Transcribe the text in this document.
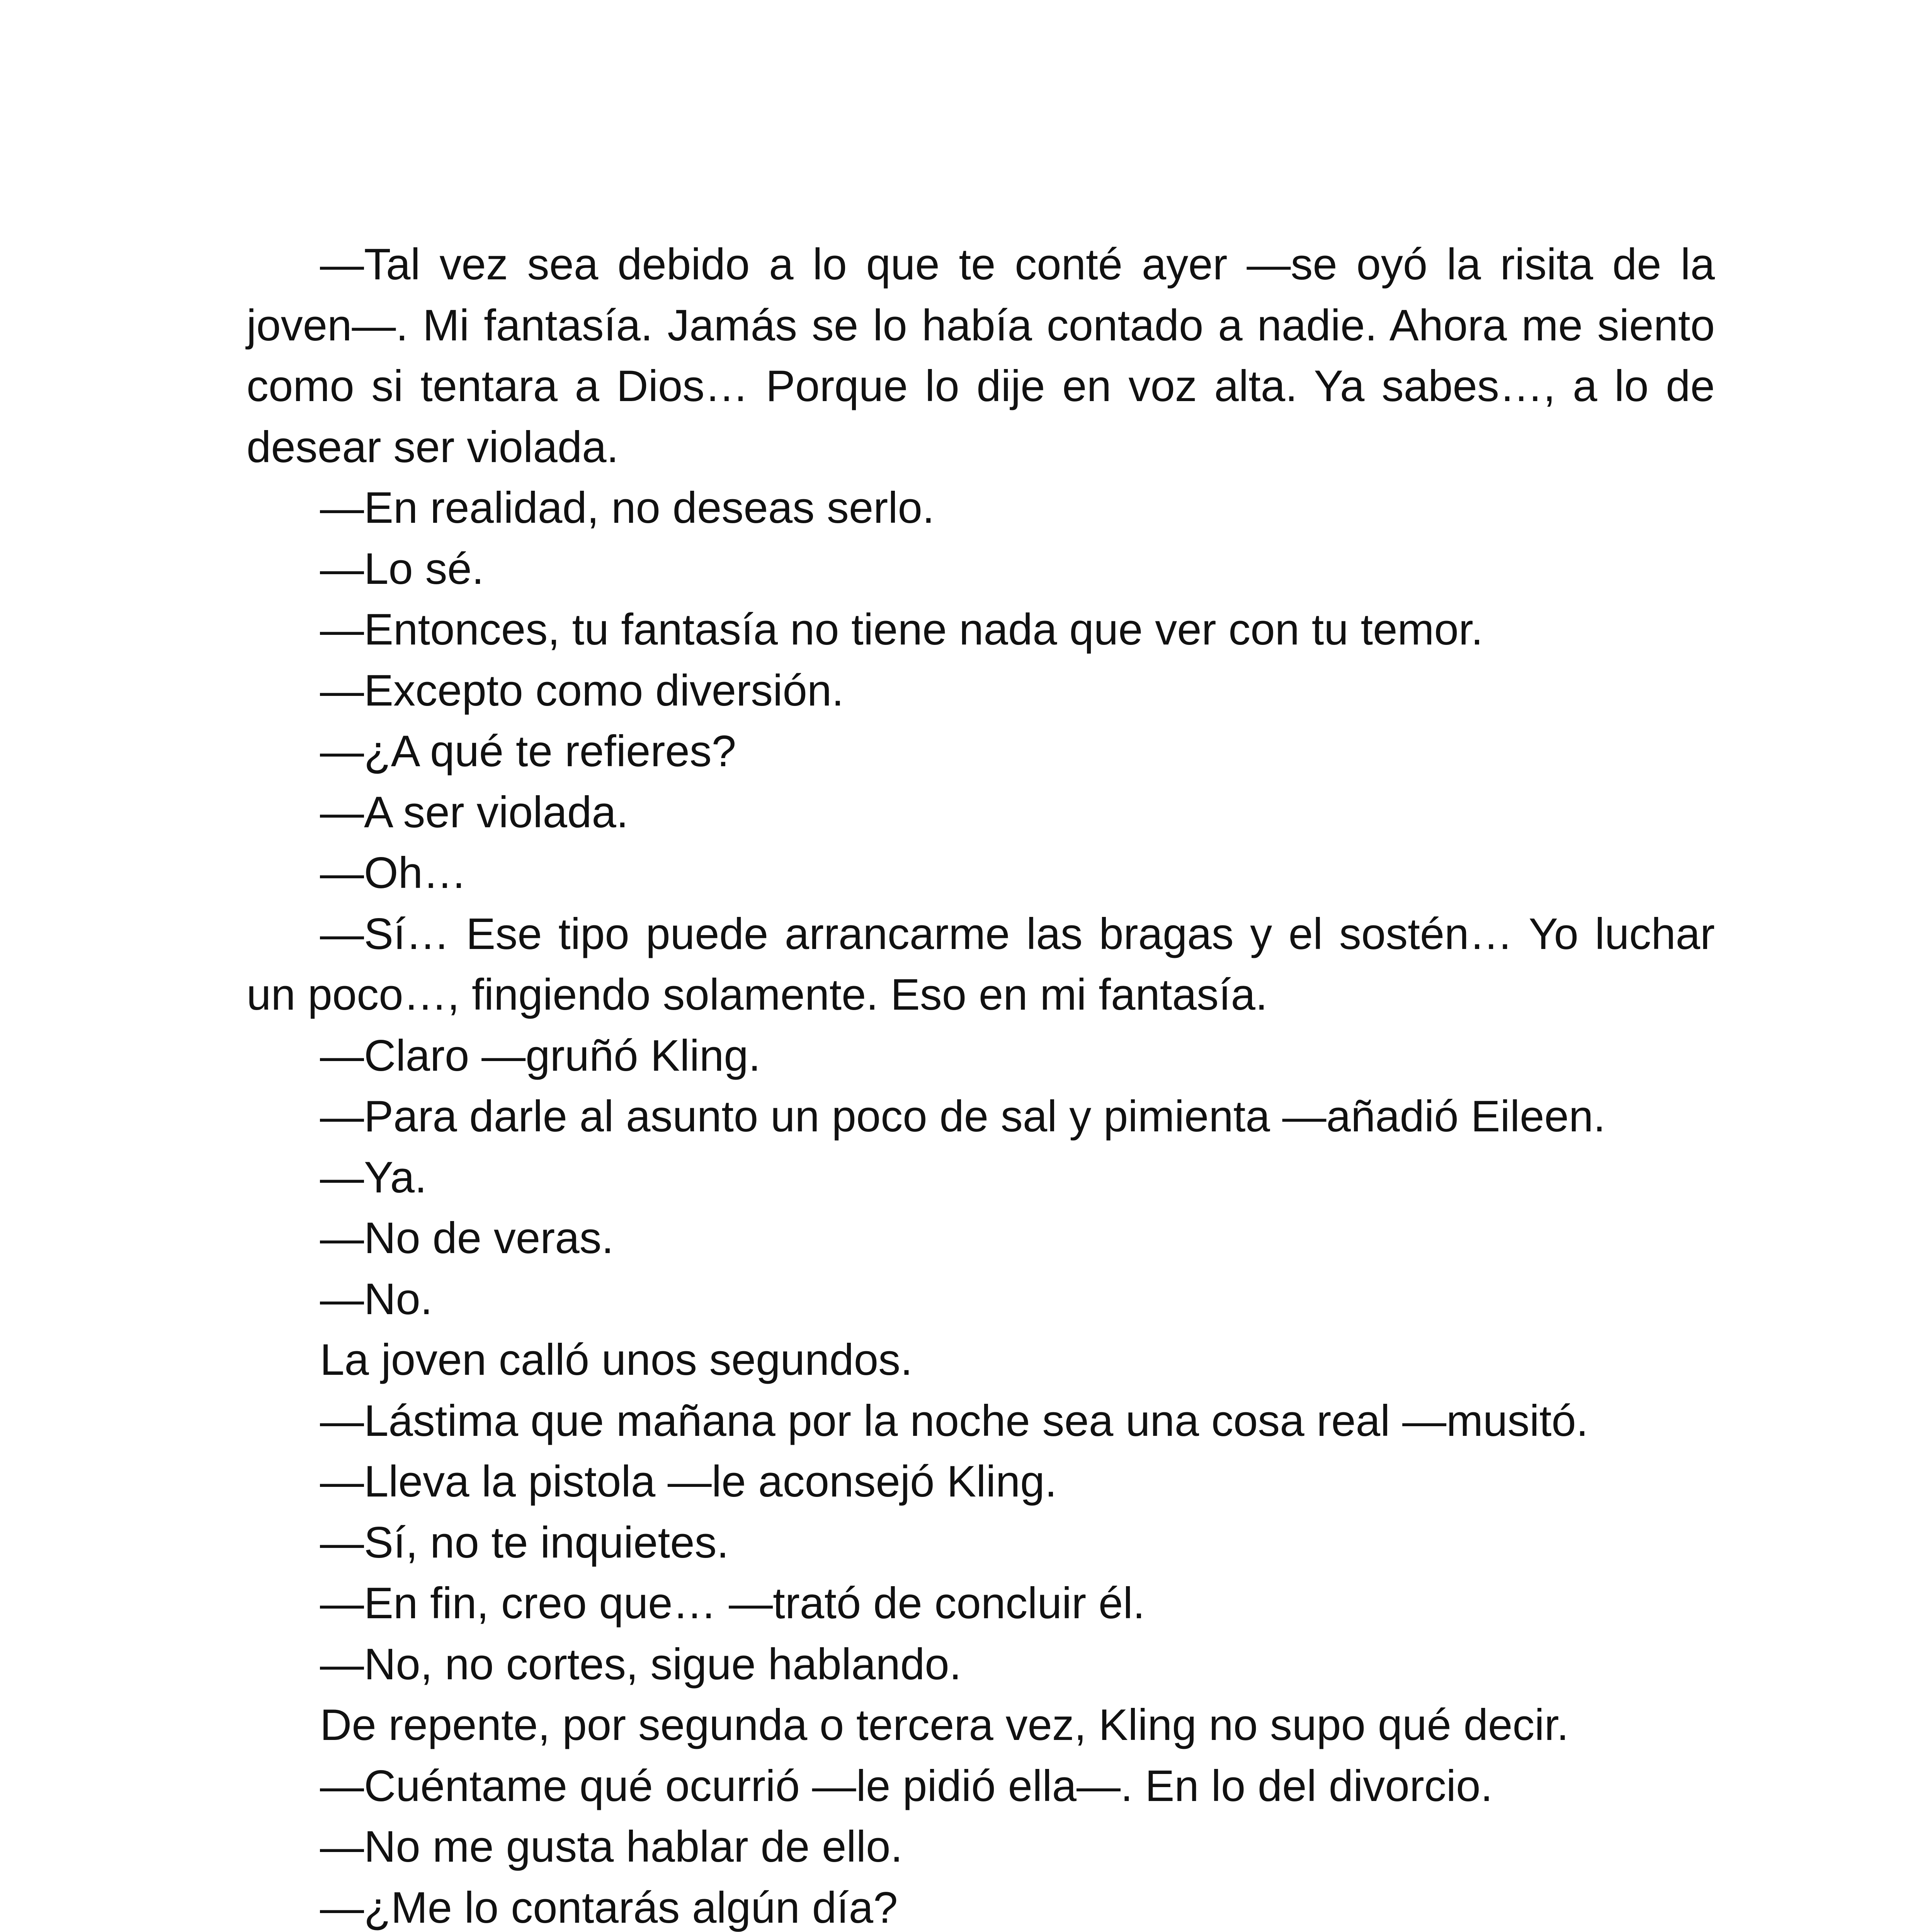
—Tal vez sea debido a lo que te conté ayer —se oyó la risita de la joven—. Mi fantasía. Jamás se lo había contado a nadie. Ahora me siento como si tentara a Dios… Porque lo dije en voz alta. Ya sabes…, a lo de desear ser violada.

—En realidad, no deseas serlo.

—Lo sé.

—Entonces, tu fantasía no tiene nada que ver con tu temor.

—Excepto como diversión.

—¿A qué te refieres?

—A ser violada.

—Oh…

—Sí… Ese tipo puede arrancarme las bragas y el sostén… Yo luchar un poco…, fingiendo solamente. Eso en mi fantasía.

—Claro —gruñó Kling.

—Para darle al asunto un poco de sal y pimienta —añadió Eileen.

—Ya.

—No de veras.

—No.

La joven calló unos segundos.

—Lástima que mañana por la noche sea una cosa real —musitó.

—Lleva la pistola —le aconsejó Kling.

—Sí, no te inquietes.

—En fin, creo que… —trató de concluir él.

—No, no cortes, sigue hablando.

De repente, por segunda o tercera vez, Kling no supo qué decir.

—Cuéntame qué ocurrió —le pidió ella—. En lo del divorcio.

—No me gusta hablar de ello.

—¿Me lo contarás algún día?
